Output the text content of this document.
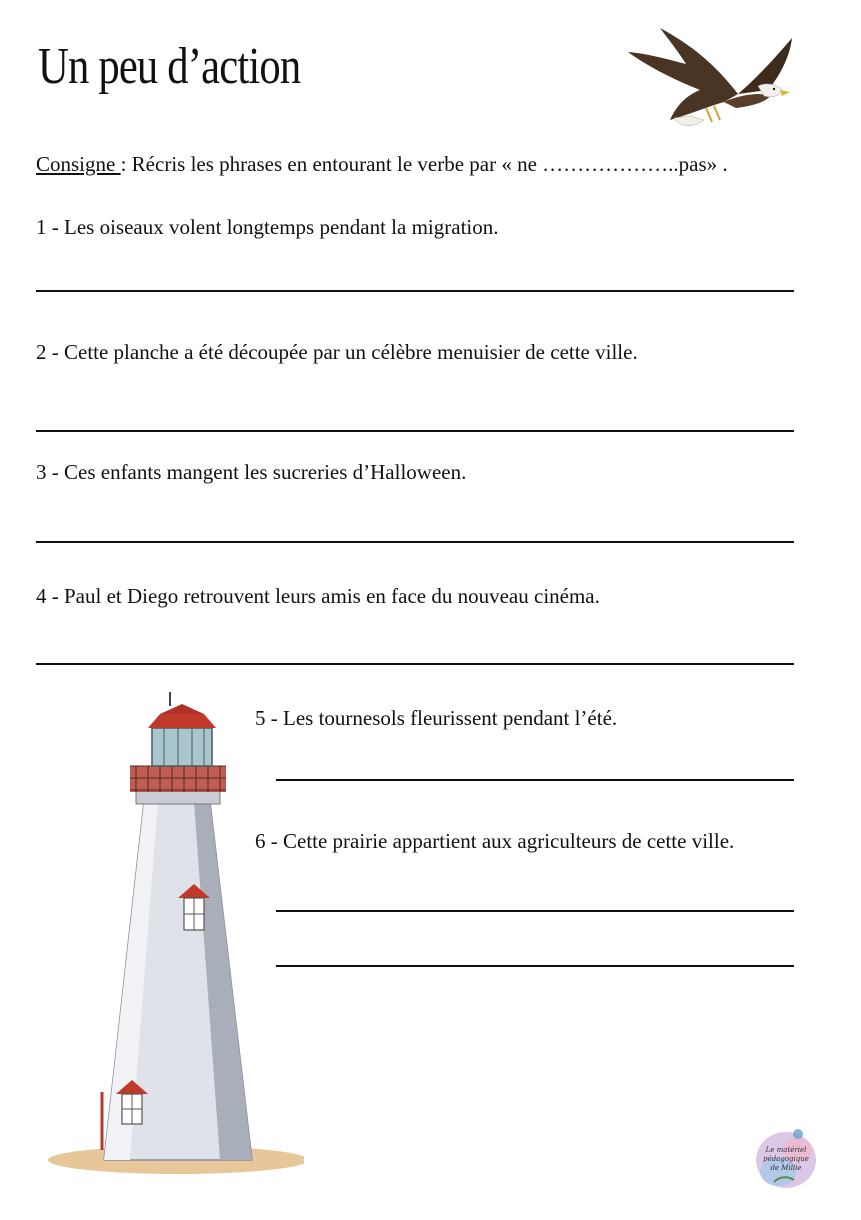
Un peu d’action
Consigne : Récris les phrases en entourant le verbe par « ne ………………..pas» .
1 - Les oiseaux volent longtemps pendant la migration.
2 - Cette planche a été découpée par un célèbre menuisier de cette ville.
3 - Ces enfants mangent les sucreries d’Halloween.
4 - Paul et Diego retrouvent leurs amis en face du nouveau cinéma.
5 - Les tournesols fleurissent pendant l’été.
6 - Cette prairie appartient aux agriculteurs de cette ville.
Le matériel pédagogique
de Millie
